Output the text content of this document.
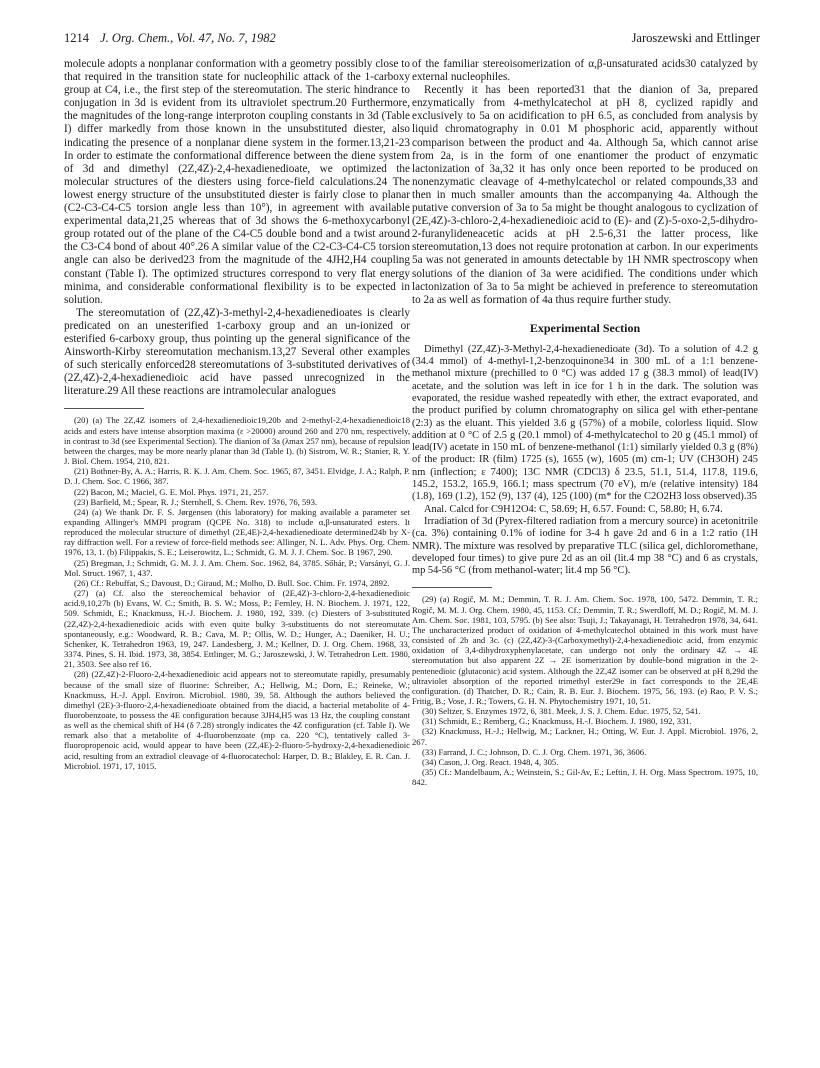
1214 J. Org. Chem., Vol. 47, No. 7, 1982	Jaroszewski and Ettlinger

molecule adopts a nonplanar conformation with a geometry possibly close to that required in the transition state for nucleophilic attack of the 1-carboxy group at C4, i.e., the first step of the stereomutation. The steric hindrance to conjugation in 3d is evident from its ultraviolet spectrum.20 Furthermore, the magnitudes of the long-range interproton coupling constants in 3d (Table I) differ markedly from those known in the unsubstituted diester, also indicating the presence of a nonplanar diene system in the former.13,21-23 In order to estimate the conformational difference between the diene system of 3d and dimethyl (2Z,4Z)-2,4-hexadienedioate, we optimized the molecular structures of the diesters using force-field calculations.24 The lowest energy structure of the unsubstituted diester is fairly close to planar (C2-C3-C4-C5 torsion angle less than 10°), in agreement with available experimental data,21,25 whereas that of 3d shows the 6-methoxycarbonyl group rotated out of the plane of the C4-C5 double bond and a twist around the C3-C4 bond of about 40°.26 A similar value of the C2-C3-C4-C5 torsion angle can also be derived23 from the magnitude of the 4JH2,H4 coupling constant (Table I). The optimized structures correspond to very flat energy minima, and considerable conformational flexibility is to be expected in solution.

The stereomutation of (2Z,4Z)-3-methyl-2,4-hexadienedioates is clearly predicated on an unesterified 1-carboxy group and an un-ionized or esterified 6-carboxy group, thus pointing up the general significance of the Ainsworth-Kirby stereomutation mechanism.13,27 Several other examples of such sterically enforced28 stereomutations of 3-substituted derivatives of (2Z,4Z)-2,4-hexadienedioic acid have passed unrecognized in the literature.29 All these reactions are intramolecular analogues

(20) (a) The 2Z,4Z isomers of 2,4-hexadienedioic19,20b and 2-methyl-2,4-hexadienedioic18 acids and esters have intense absorption maxima (ε >20000) around 260 and 270 nm, respectively, in contrast to 3d (see Experimental Section). The dianion of 3a (λmax 257 nm), because of repulsion between the charges, may be more nearly planar than 3d (Table I). (b) Sistrom, W. R.; Stanier, R. Y. J. Biol. Chem. 1954, 210, 821.

(21) Bothner-By, A. A.; Harris, R. K. J. Am. Chem. Soc. 1965, 87, 3451. Elvidge, J. A.; Ralph, P. D. J. Chem. Soc. C 1966, 387.

(22) Bacon, M.; Maciel, G. E. Mol. Phys. 1971, 21, 257.

(23) Barfield, M.; Spear, R. J.; Sternhell, S. Chem. Rev. 1976, 76, 593.

(24) (a) We thank Dr. F. S. Jørgensen (this laboratory) for making available a parameter set expanding Allinger's MMPI program (QCPE No. 318) to include α,β-unsaturated esters. It reproduced the molecular structure of dimethyl (2E,4E)-2,4-hexadienedioate determined24b by X-ray diffraction well. For a review of force-field methods see: Allinger, N. L. Adv. Phys. Org. Chem. 1976, 13, 1. (b) Filippakis, S. E.; Leiserowitz, L.; Schmidt, G. M. J. J. Chem. Soc. B 1967, 290.

(25) Bregman, J.; Schmidt, G. M. J. J. Am. Chem. Soc. 1962, 84, 3785. Sőhár, P.; Varsányi, G. J. Mol. Struct. 1967, 1, 437.

(26) Cf.: Rebuffat, S.; Davoust, D.; Giraud, M.; Molho, D. Bull. Soc. Chim. Fr. 1974, 2892.

(27) (a) Cf. also the stereochemical behavior of (2E,4Z)-3-chloro-2,4-hexadienedioic acid.9,10,27b (b) Evans, W. C.; Smith, B. S. W.; Moss, P.; Fernley, H. N. Biochem. J. 1971, 122, 509. Schmidt, E.; Knackmuss, H.-J. Biochem. J. 1980, 192, 339. (c) Diesters of 3-substituted (2Z,4Z)-2,4-hexadienedioic acids with even quite bulky 3-substituents do not stereomutate spontaneously, e.g.: Woodward, R. B.; Cava, M. P.; Ollis, W. D.; Hunger, A.; Daeniker, H. U.; Schenker, K. Tetrahedron 1963, 19, 247. Landesberg, J. M.; Kellner, D. J. Org. Chem. 1968, 33, 3374. Pines, S. H. Ibid. 1973, 38, 3854. Ettlinger, M. G.; Jaroszewski, J. W. Tetrahedron Lett. 1980, 21, 3503. See also ref 16.

(28) (2Z,4Z)-2-Fluoro-2,4-hexadienedioic acid appears not to stereomutate rapidly, presumably because of the small size of fluorine: Schreiber, A.; Hellwig, M.; Dorn, E.; Reineke, W.; Knackmuss, H.-J. Appl. Environ. Microbiol. 1980, 39, 58. Although the authors believed the dimethyl (2E)-3-fluoro-2,4-hexadienedioate obtained from the diacid, a bacterial metabolite of 4-fluorobenzoate, to possess the 4E configuration because 3JH4,H5 was 13 Hz, the coupling constant as well as the chemical shift of H4 (δ 7.28) strongly indicates the 4Z configuration (cf. Table I). We remark also that a metabolite of 4-fluorobenzoate (mp ca. 220 °C), tentatively called 3-fluoropropenoic acid, would appear to have been (2Z,4E)-2-fluoro-5-hydroxy-2,4-hexadienedioic acid, resulting from an extradiol cleavage of 4-fluorocatechol: Harper, D. B.; Blakley, E. R. Can. J. Microbiol. 1971, 17, 1015.

of the familiar stereoisomerization of α,β-unsaturated acids30 catalyzed by external nucleophiles.

Recently it has been reported31 that the dianion of 3a, prepared enzymatically from 4-methylcatechol at pH 8, cyclized rapidly and exclusively to 5a on acidification to pH 6.5, as concluded from analysis by liquid chromatography in 0.01 M phosphoric acid, apparently without comparison between the product and 4a. Although 5a, which cannot arise from 2a, is in the form of one enantiomer the product of enzymatic lactonization of 3a,32 it has only once been reported to be produced on nonenzymatic cleavage of 4-methylcatechol or related compounds,33 and then in much smaller amounts than the accompanying 4a. Although the putative conversion of 3a to 5a might be thought analogous to cyclization of (2E,4Z)-3-chloro-2,4-hexadienedioic acid to (E)- and (Z)-5-oxo-2,5-dihydro-2-furanylideneacetic acids at pH 2.5-6,31 the latter process, like stereomutation,13 does not require protonation at carbon. In our experiments 5a was not generated in amounts detectable by 1H NMR spectroscopy when solutions of the dianion of 3a were acidified. The conditions under which lactonization of 3a to 5a might be achieved in preference to stereomutation to 2a as well as formation of 4a thus require further study.

Experimental Section

Dimethyl (2Z,4Z)-3-Methyl-2,4-hexadienedioate (3d). To a solution of 4.2 g (34.4 mmol) of 4-methyl-1,2-benzoquinone34 in 300 mL of a 1:1 benzene-methanol mixture (prechilled to 0 °C) was added 17 g (38.3 mmol) of lead(IV) acetate, and the solution was left in ice for 1 h in the dark. The solution was evaporated, the residue washed repeatedly with ether, the extract evaporated, and the product purified by column chromatography on silica gel with ether-pentane (2:3) as the eluant. This yielded 3.6 g (57%) of a mobile, colorless liquid. Slow addition at 0 °C of 2.5 g (20.1 mmol) of 4-methylcatechol to 20 g (45.1 mmol) of lead(IV) acetate in 150 mL of benzene-methanol (1:1) similarly yielded 0.3 g (8%) of the product: IR (film) 1725 (s), 1655 (w), 1605 (m) cm-1; UV (CH3OH) 245 nm (inflection; ε 7400); 13C NMR (CDCl3) δ 23.5, 51.1, 51.4, 117.8, 119.6, 145.2, 153.2, 165.9, 166.1; mass spectrum (70 eV), m/e (relative intensity) 184 (1.8), 169 (1.2), 152 (9), 137 (4), 125 (100) (m* for the C2O2H3 loss observed).35

Anal. Calcd for C9H12O4: C, 58.69; H, 6.57. Found: C, 58.80; H, 6.74.

Irradiation of 3d (Pyrex-filtered radiation from a mercury source) in acetonitrile (ca. 3%) containing 0.1% of iodine for 3-4 h gave 2d and 6 in a 1:2 ratio (1H NMR). The mixture was resolved by preparative TLC (silica gel, dichloromethane, developed four times) to give pure 2d as an oil (lit.4 mp 38 °C) and 6 as crystals, mp 54-56 °C (from methanol-water; lit.4 mp 56 °C).

(29) (a) Rogič, M. M.; Demmin, T. R. J. Am. Chem. Soc. 1978, 100, 5472. Demmin, T. R.; Rogič, M. M. J. Org. Chem. 1980, 45, 1153. Cf.: Demmin, T. R.; Swerdloff, M. D.; Rogič, M. M. J. Am. Chem. Soc. 1981, 103, 5795. (b) See also: Tsuji, J.; Takayanagi, H. Tetrahedron 1978, 34, 641. The uncharacterized product of oxidation of 4-methylcatechol obtained in this work must have consisted of 2b and 3c. (c) (2Z,4Z)-3-(Carboxymethyl)-2,4-hexadienedioic acid, from enzymic oxidation of 3,4-dihydroxyphenylacetate, can undergo not only the ordinary 4Z → 4E stereomutation but also apparent 2Z → 2E isomerization by double-bond migration in the 2-pentenedioic (glutaconic) acid system. Although the 2Z,4Z isomer can be observed at pH 8,29d the ultraviolet absorption of the reported trimethyl ester29e in fact corresponds to the 2E,4E configuration. (d) Thatcher, D. R.; Cain, R. B. Eur. J. Biochem. 1975, 56, 193. (e) Rao, P. V. S.; Fritig, B.; Vose, J. R.; Towers, G. H. N. Phytochemistry 1971, 10, 51.

(30) Seltzer, S. Enzymes 1972, 6, 381. Meek, J. S. J. Chem. Educ. 1975, 52, 541.

(31) Schmidt, E.; Remberg, G.; Knackmuss, H.-J. Biochem. J. 1980, 192, 331.

(32) Knackmuss, H.-J.; Hellwig, M.; Lackner, H.; Otting, W. Eur. J. Appl. Microbiol. 1976, 2, 267.

(33) Farrand, J. C.; Johnson, D. C. J. Org. Chem. 1971, 36, 3606.

(34) Cason, J. Org. React. 1948, 4, 305.

(35) Cf.: Mandelbaum, A.; Weinstein, S.; Gil-Av, E.; Leftin, J. H. Org. Mass Spectrom. 1975, 10, 842.
